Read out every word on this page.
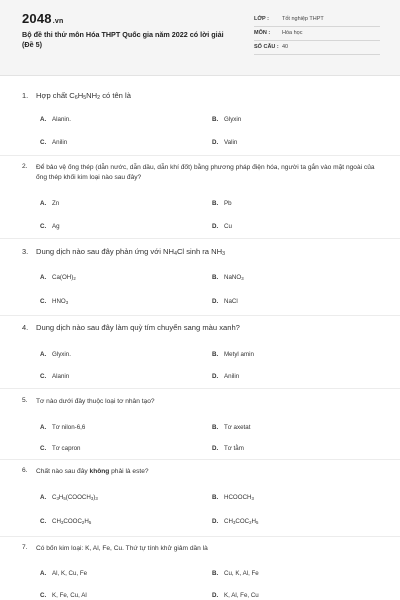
2048.vn
Bộ đề thi thử môn Hóa THPT Quốc gia năm 2022 có lời giải (Đề 5)
LỚP : Tốt nghiệp THPT
MÔN : Hóa học
SỐ CÂU : 40
1.	Hợp chất $C_6H_5NH_2$ có tên là
A. Alanin.	B. Glyxin
C. Anilin	D. Valin
2.	Để bảo vệ ống thép (dẫn nước, dẫn dầu, dẫn khí đốt) bằng phương pháp điện hóa, người ta gắn vào mặt ngoài của ống thép khối kim loại nào sau đây?
A. Zn	B. Pb
C. Ag	D. Cu
3.	Dung dịch nào sau đây phản ứng với $NH_4Cl$ sinh ra $NH_3$
A. $Ca(OH)_2$	B. NaNO$_3$
C. $HNO_3$	D. NaCl
4.	Dung dịch nào sau đây làm quỳ tím chuyển sang màu xanh?
A. Glyxin.	B. Metyl amin
C. Alanin	D. Anilin
5.	Tơ nào dưới đây thuộc loại tơ nhân tạo?
A. Tơ nilon-6,6	B. Tơ axetat
C. Tơ capron	D. Tơ tằm
6.	Chất nào sau đây không phải là este?
A. $C_3H_5(COOCH_3)_3$	B. $HCOOCH_3$
C. $CH_3COOC_2H_5$	D. $CH_3COC_2H_5$
7.	Có bốn kim loại: K, Al, Fe, Cu. Thứ tự tính khử giảm dần là
A. Al, K, Cu, Fe	B. Cu, K, Al, Fe
C. K, Fe, Cu, Al	D. K, Al, Fe, Cu
